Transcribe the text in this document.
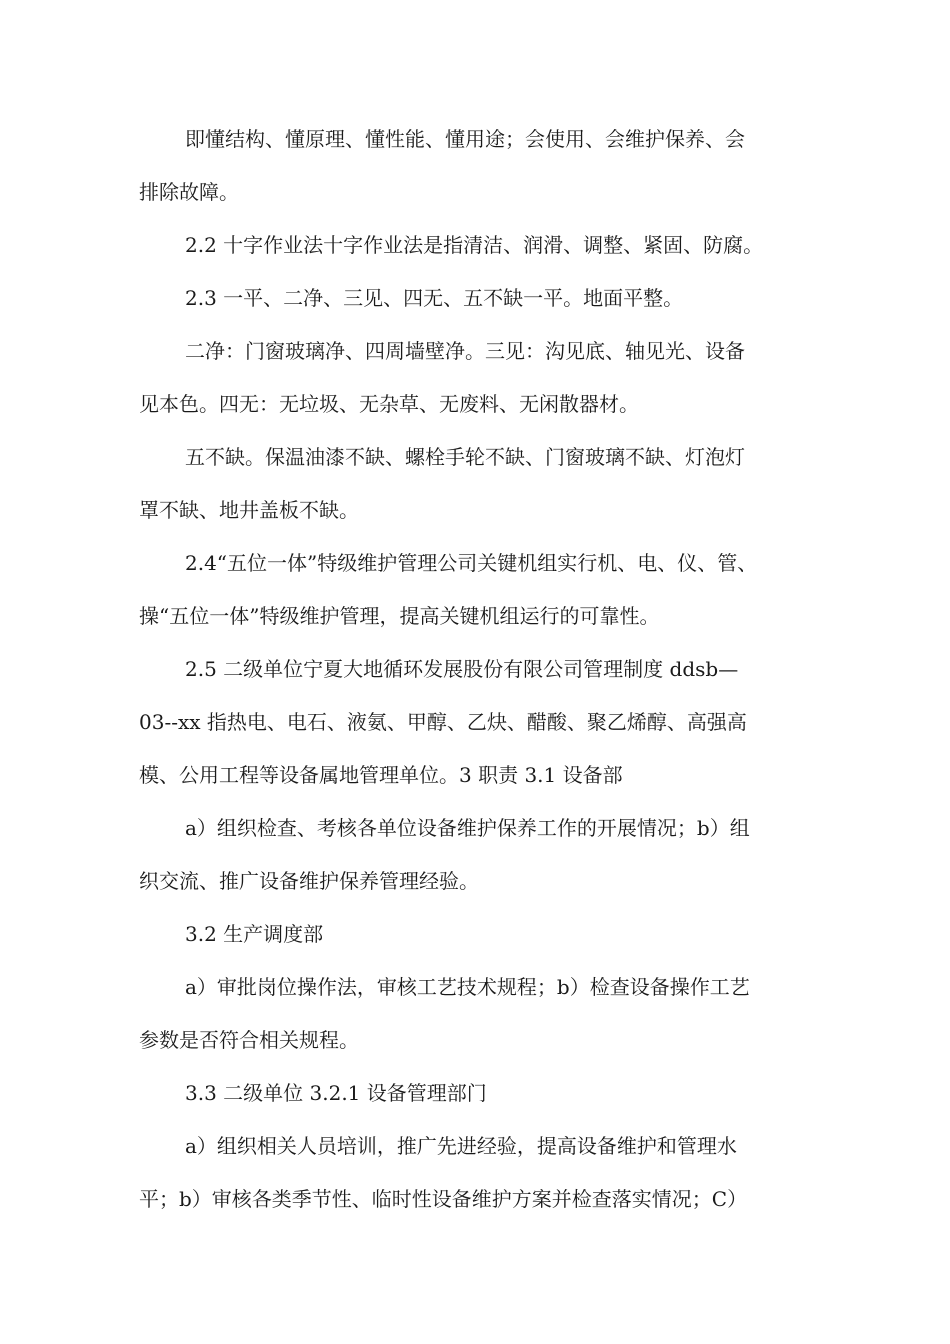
即懂结构、懂原理、懂性能、懂用途；会使用、会维护保养、会
排除故障。
2.2 十字作业法十字作业法是指清洁、润滑、调整、紧固、防腐。
2.3 一平、二净、三见、四无、五不缺一平。地面平整。
二净：门窗玻璃净、四周墙壁净。三见：沟见底、轴见光、设备
见本色。四无：无垃圾、无杂草、无废料、无闲散器材。
五不缺。保温油漆不缺、螺栓手轮不缺、门窗玻璃不缺、灯泡灯
罩不缺、地井盖板不缺。
2.4“五位一体”特级维护管理公司关键机组实行机、电、仪、管、
操“五位一体”特级维护管理，提高关键机组运行的可靠性。
2.5 二级单位宁夏大地循环发展股份有限公司管理制度 ddsb—
03--xx 指热电、电石、液氨、甲醇、乙炔、醋酸、聚乙烯醇、高强高
模、公用工程等设备属地管理单位。3 职责 3.1 设备部
a）组织检查、考核各单位设备维护保养工作的开展情况；b）组
织交流、推广设备维护保养管理经验。
3.2 生产调度部
a）审批岗位操作法，审核工艺技术规程；b）检查设备操作工艺
参数是否符合相关规程。
3.3 二级单位 3.2.1 设备管理部门
a）组织相关人员培训，推广先进经验，提高设备维护和管理水
平；b）审核各类季节性、临时性设备维护方案并检查落实情况；C）
